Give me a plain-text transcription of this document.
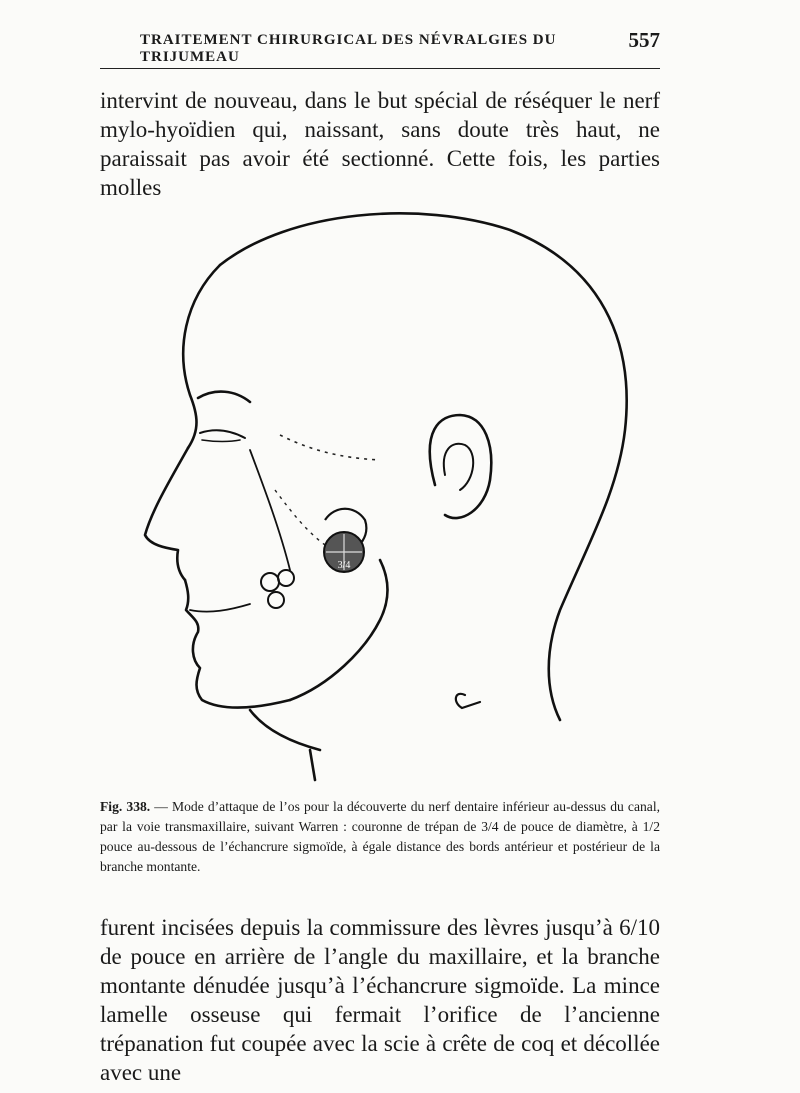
TRAITEMENT CHIRURGICAL DES NÉVRALGIES DU TRIJUMEAU
557

intervint de nouveau, dans le but spécial de réséquer le nerf mylo-hyoïdien qui, naissant, sans doute très haut, ne paraissait pas avoir été sectionné. Cette fois, les parties molles

3/4
Fig. 338. — Mode d’attaque de l’os pour la découverte du nerf dentaire inférieur au-dessus du canal, par la voie transmaxillaire, suivant Warren : couronne de trépan de 3/4 de pouce de diamètre, à 1/2 pouce au-dessous de l’échancrure sigmoïde, à égale distance des bords antérieur et postérieur de la branche montante.

furent incisées depuis la commissure des lèvres jusqu’à 6/10 de pouce en arrière de l’angle du maxillaire, et la branche montante dénudée jusqu’à l’échancrure sigmoïde. La mince lamelle osseuse qui fermait l’orifice de l’ancienne trépanation fut coupée avec la scie à crête de coq et décollée avec une
